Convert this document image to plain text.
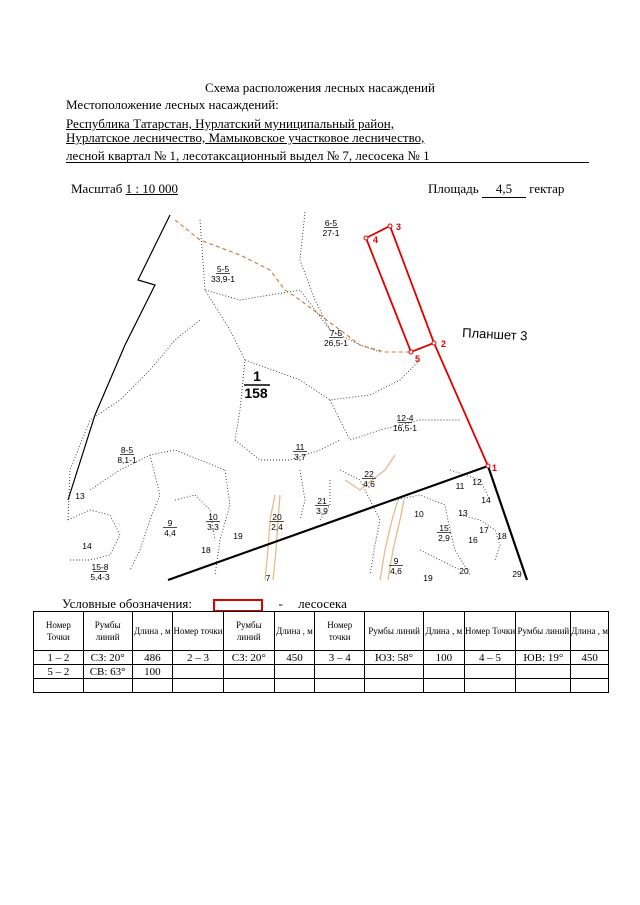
Схема расположения лесных насаждений
Местоположение лесных насаждений:
Республика Татарстан, Нурлатский муниципальный район,
Нурлатское лесничество, Мамыковское участковое лесничество,
лесной квартал № 1, лесотаксационный выдел № 7, лесосека № 1
Масштаб 1 : 10 000	Площадь 4,5 гектар
1
2
3
4
5
Планшет 3
1
158
6-5
27-1
5-5
33,9-1
7-5
26,5-1
12-4
16,5-1
8-5
8,1-1
11
3,7
22
4,6
21
3,9
10
3,3
9
4,4
20
2,4	15
2,9
9
4,6
15-8
5,4-3
13
14	18
19
7
10
11 12
14
13
17
16 18
20
19	29
Условные обозначения:	- лесосека
Номер Точки	Румбы линий	Длина , м	Номер точки	Румбы линий	Длина , м	Номер точки	Румбы линий	Длина , м	Номер Точки	Румбы линий	Длина , м
1 – 2	СЗ: 20°	486	2 – 3	СЗ: 20°	450	3 – 4	ЮЗ: 58°	100	4 – 5	ЮВ: 19°	450
5 – 2	СВ: 63°	100									
